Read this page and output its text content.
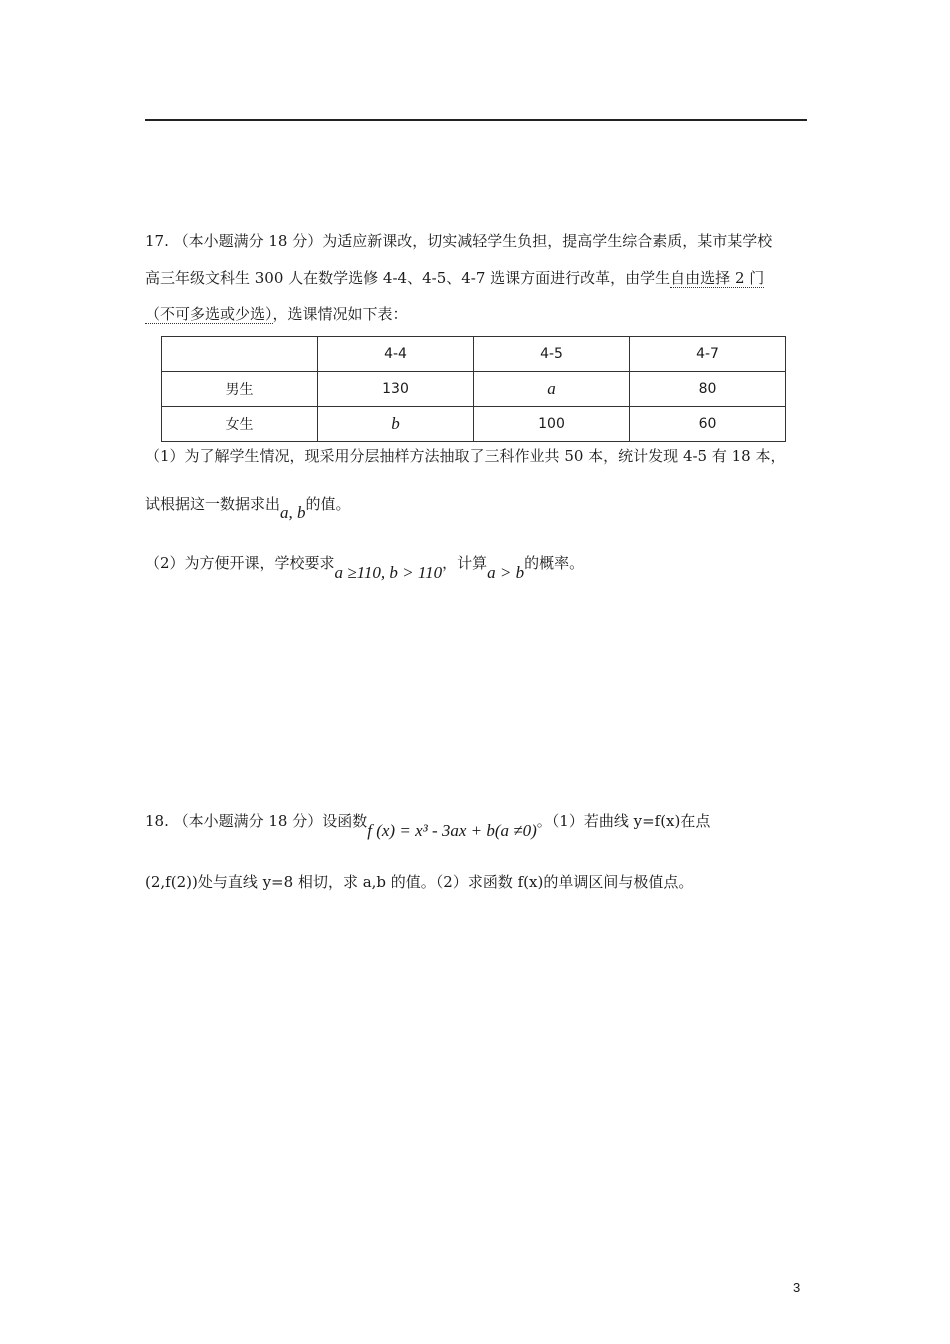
17. （本小题满分 18 分）为适应新课改，切实减轻学生负担，提高学生综合素质，某市某学校
高三年级文科生 300 人在数学选修 4-4、4-5、4-7 选课方面进行改革，由学生自由选择 2 门
（不可多选或少选），选课情况如下表：
	4-4	4-5	4-7
男生	130	a	80
女生	b	100	60
（1）为了解学生情况，现采用分层抽样方法抽取了三科作业共 50 本，统计发现 4-5 有 18 本，
试根据这一数据求出a, b的值。
（2）为方便开课，学校要求a ≥110, b > 110，计算a > b的概率。
18. （本小题满分 18 分）设函数f (x) = x³ - 3ax + b(a ≠0)。（1）若曲线 y=f(x)在点
(2,f(2))处与直线 y=8 相切，求 a,b 的值。（2）求函数 f(x)的单调区间与极值点。
3
